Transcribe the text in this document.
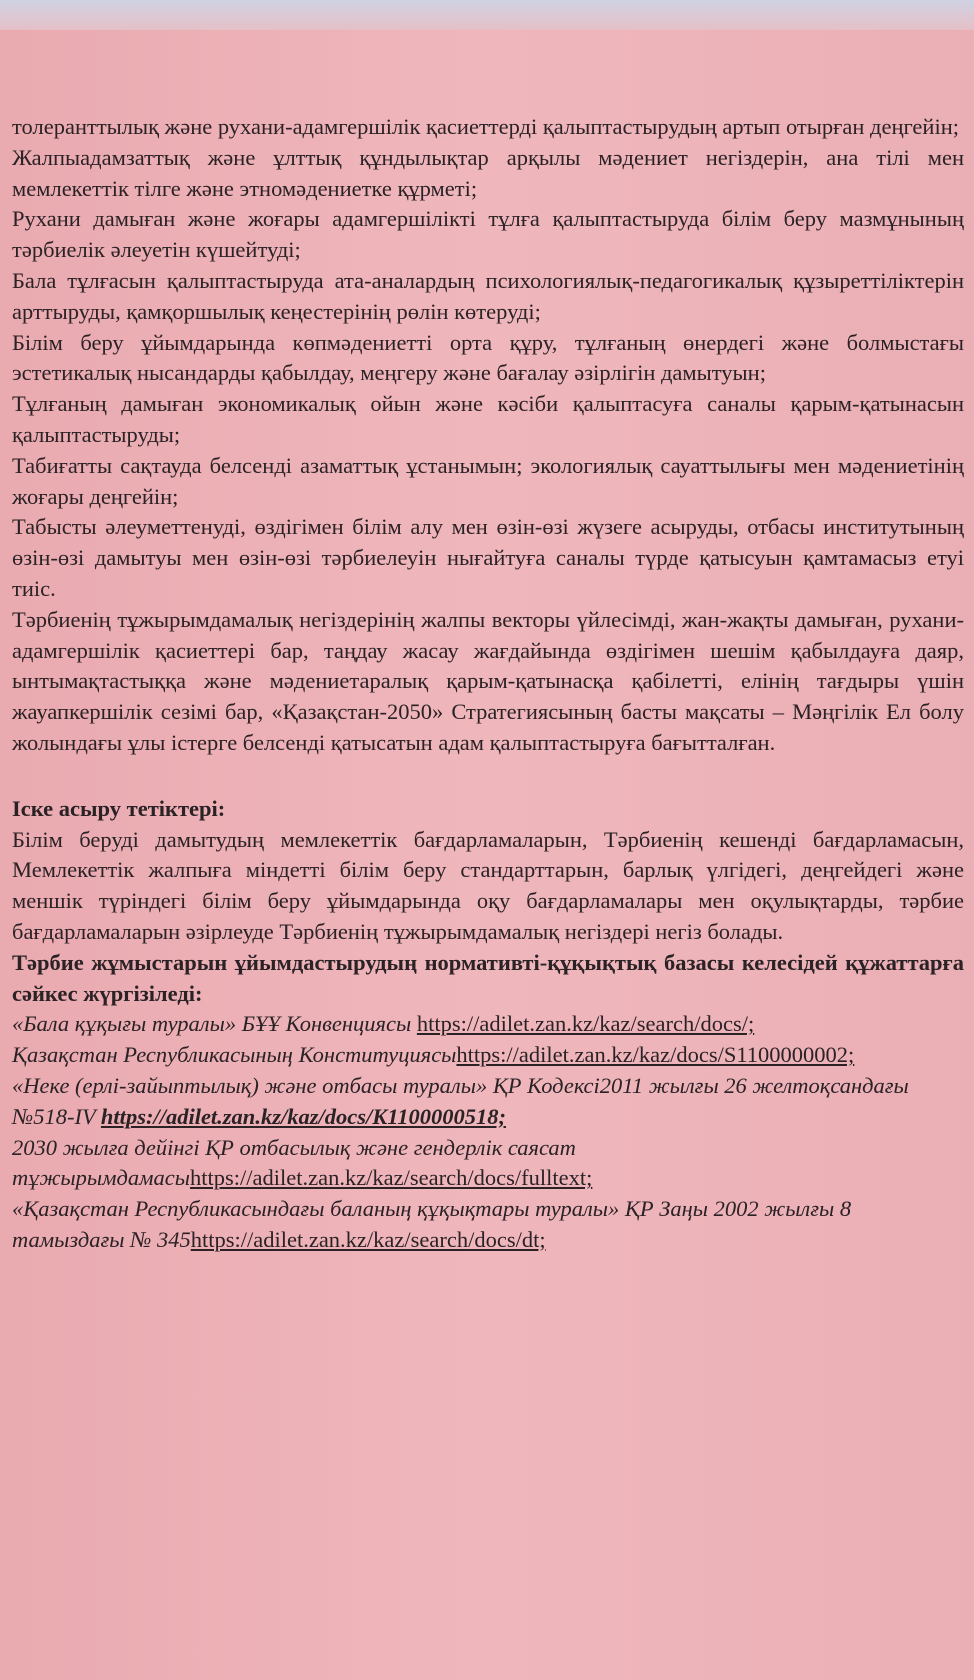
толеранттылық және рухани-адамгершілік қасиеттерді қалыптастырудың артып отырған деңгейін;

Жалпыадамзаттық және ұлттық құндылықтар арқылы мәдениет негіздерін, ана тілі мен мемлекеттік тілге және этномәдениетке құрметі;

Рухани дамыған және жоғары адамгершілікті тұлға қалыптастыруда білім беру мазмұнының тәрбиелік әлеуетін күшейтуді;

Бала тұлғасын қалыптастыруда ата-аналардың психологиялық-педагогикалық құзыреттіліктерін арттыруды, қамқоршылық кеңестерінің рөлін көтеруді;

Білім беру ұйымдарында көпмәдениетті орта құру, тұлғаның өнердегі және болмыстағы эстетикалық нысандарды қабылдау, меңгеру және бағалау әзірлігін дамытуын;

Тұлғаның дамыған экономикалық ойын және кәсіби қалыптасуға саналы қарым-қатынасын қалыптастыруды;

Табиғатты сақтауда белсенді азаматтық ұстанымын; экологиялық сауаттылығы мен мәдениетінің жоғары деңгейін;

Табысты әлеуметтенуді, өздігімен білім алу мен өзін-өзі жүзеге асыруды, отбасы институтының өзін-өзі дамытуы мен өзін-өзі тәрбиелеуін нығайтуға саналы түрде қатысуын қамтамасыз етуі тиіс.

Тәрбиенің тұжырымдамалық негіздерінің жалпы векторы үйлесімді, жан-жақты дамыған, рухани-адамгершілік қасиеттері бар, таңдау жасау жағдайында өздігімен шешім қабылдауға даяр, ынтымақтастыққа және мәдениетаралық қарым-қатынасқа қабілетті, елінің тағдыры үшін жауапкершілік сезімі бар, «Қазақстан-2050» Стратегиясының басты мақсаты – Мәңгілік Ел болу жолындағы ұлы істерге белсенді қатысатын адам қалыптастыруға бағытталған.

Іске асыру тетіктері:

Білім беруді дамытудың мемлекеттік бағдарламаларын, Тәрбиенің кешенді бағдарламасын, Мемлекеттік жалпыға міндетті білім беру стандарттарын, барлық үлгідегі, деңгейдегі және меншік түріндегі білім беру ұйымдарында оқу бағдарламалары мен оқулықтарды, тәрбие бағдарламаларын әзірлеуде Тәрбиенің тұжырымдамалық негіздері негіз болады.

Тәрбие жұмыстарын ұйымдастырудың нормативті-құқықтық базасы келесідей құжаттарға сәйкес жүргізіледі:

«Бала құқығы туралы» БҰҰ Конвенциясы https://adilet.zan.kz/kaz/search/docs/;

Қазақстан Республикасының Конституциясыhttps://adilet.zan.kz/kaz/docs/S1100000002;

«Неке (ерлі-зайыптылық) және отбасы туралы» ҚР Кодексі2011 жылғы 26 желтоқсандағы №518-IV https://adilet.zan.kz/kaz/docs/K1100000518;

2030 жылға дейінгі ҚР отбасылық және гендерлік саясат тұжырымдамасыhttps://adilet.zan.kz/kaz/search/docs/fulltext;

«Қазақстан Республикасындағы баланың құқықтары туралы» ҚР Заңы 2002 жылғы 8 тамыздағы № 345https://adilet.zan.kz/kaz/search/docs/dt;
